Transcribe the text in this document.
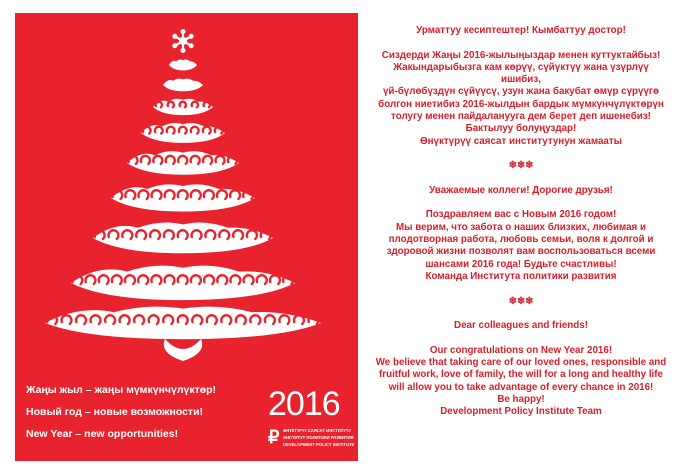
Жаңы жыл – жаңы мүмкүнчүлүктөр!
Новый год – новые возможности!
New Year – new opportunities!
2016
₽ ӨНҮКТҮРҮҮ САЯСАТ ИНСТИТУТУ
ИНСТИТУТ ПОЛИТИКИ РАЗВИТИЯ
DEVELOPMENT POLICY INSTITUTE

Урматтуу кесиптештер! Кымбаттуу достор!

Сиздерди Жаңы 2016-жылыңыздар менен куттуктайбыз!

Жакындарыбызга кам көрүү, сүйүктүү жана үзүрлүү ишибиз,

үй-бүлөбүздүн сүйүүсү, узун жана бакубат өмүр сүрүүгө

болгон ниетибиз 2016-жылдын бардык мүмкүнчүлүктөрүн

толугу менен пайдаланууга дем берет деп ишенебиз!

Бактылуу болуңуздар!

Өнүктүрүү саясат институтунун жамааты

❄❄❄

Уважаемые коллеги! Дорогие друзья!

Поздравляем вас с Новым 2016 годом!

Мы верим, что забота о наших близких, любимая и

плодотворная работа, любовь семьи, воля к долгой и

здоровой жизни позволят вам воспользоваться всеми

шансами 2016 года! Будьте счастливы!

Команда Института политики развития

❄❄❄

Dear colleagues and friends!

Our congratulations on New Year 2016!

We believe that taking care of our loved ones, responsible and

fruitful work, love of family, the will for a long and healthy life

will allow you to take advantage of every chance in 2016!

Be happy!

Development Policy Institute Team
